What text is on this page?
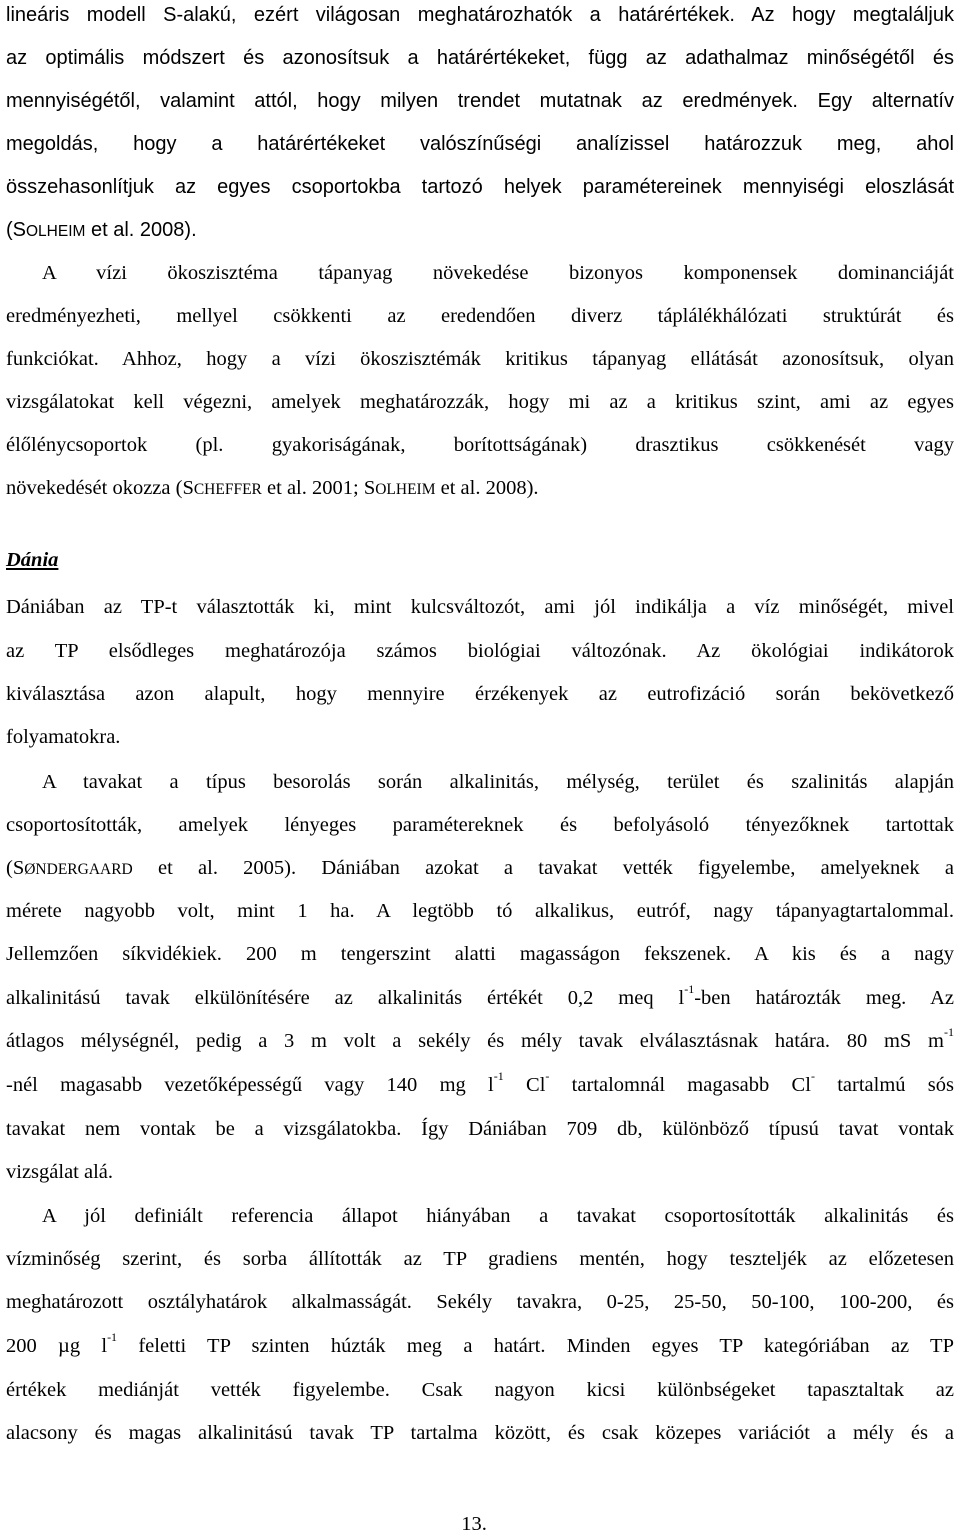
lineáris modell S-alakú, ezért világosan meghatározhatók a határértékek. Az hogy megtaláljuk
az optimális módszert és azonosítsuk a határértékeket, függ az adathalmaz minőségétől és
mennyiségétől, valamint attól, hogy milyen trendet mutatnak az eredmények. Egy alternatív
megoldás, hogy a határértékeket valószínűségi analízissel határozzuk meg, ahol
összehasonlítjuk az egyes csoportokba tartozó helyek paramétereinek mennyiségi eloszlását
(SOLHEIM et al. 2008).
A vízi ökoszisztéma tápanyag növekedése bizonyos komponensek dominanciáját
eredményezheti, mellyel csökkenti az eredendően diverz táplálékhálózati struktúrát és
funkciókat. Ahhoz, hogy a vízi ökoszisztémák kritikus tápanyag ellátását azonosítsuk, olyan
vizsgálatokat kell végezni, amelyek meghatározzák, hogy mi az a kritikus szint, ami az egyes
élőlénycsoportok (pl. gyakoriságának, borítottságának) drasztikus csökkenését vagy
növekedését okozza (SCHEFFER et al. 2001; SOLHEIM et al. 2008).
Dánia
Dániában az TP-t választották ki, mint kulcsváltozót, ami jól indikálja a víz minőségét, mivel
az TP elsődleges meghatározója számos biológiai változónak. Az ökológiai indikátorok
kiválasztása azon alapult, hogy mennyire érzékenyek az eutrofizáció során bekövetkező
folyamatokra.
A tavakat a típus besorolás során alkalinitás, mélység, terület és szalinitás alapján
csoportosították, amelyek lényeges paramétereknek és befolyásoló tényezőknek tartottak
(SØNDERGAARD et al. 2005). Dániában azokat a tavakat vették figyelembe, amelyeknek a
mérete nagyobb volt, mint 1 ha. A legtöbb tó alkalikus, eutróf, nagy tápanyagtartalommal.
Jellemzően síkvidékiek. 200 m tengerszint alatti magasságon fekszenek. A kis és a nagy
alkalinitású tavak elkülönítésére az alkalinitás értékét 0,2 meq $l^{-1}$-ben határozták meg. Az
átlagos mélységnél, pedig a 3 m volt a sekély és mély tavak elválasztásnak határa. 80 mS $m^{-1}$
-nél magasabb vezetőképességű vagy 140 mg $l^{-1}$ Cl- tartalomnál magasabb Cl- tartalmú sós
tavakat nem vontak be a vizsgálatokba. Így Dániában 709 db, különböző típusú tavat vontak
vizsgálat alá.
A jól definiált referencia állapot hiányában a tavakat csoportosították alkalinitás és
vízminőség szerint, és sorba állították az TP gradiens mentén, hogy teszteljék az előzetesen
meghatározott osztályhatárok alkalmasságát. Sekély tavakra, 0-25, 25-50, 50-100, 100-200, és
200 µg $l^{-1}$ feletti TP szinten húzták meg a határt. Minden egyes TP kategóriában az TP
értékek mediánját vették figyelembe. Csak nagyon kicsi különbségeket tapasztaltak az
alacsony és magas alkalinitású tavak TP tartalma között, és csak közepes variációt a mély és a
13.
